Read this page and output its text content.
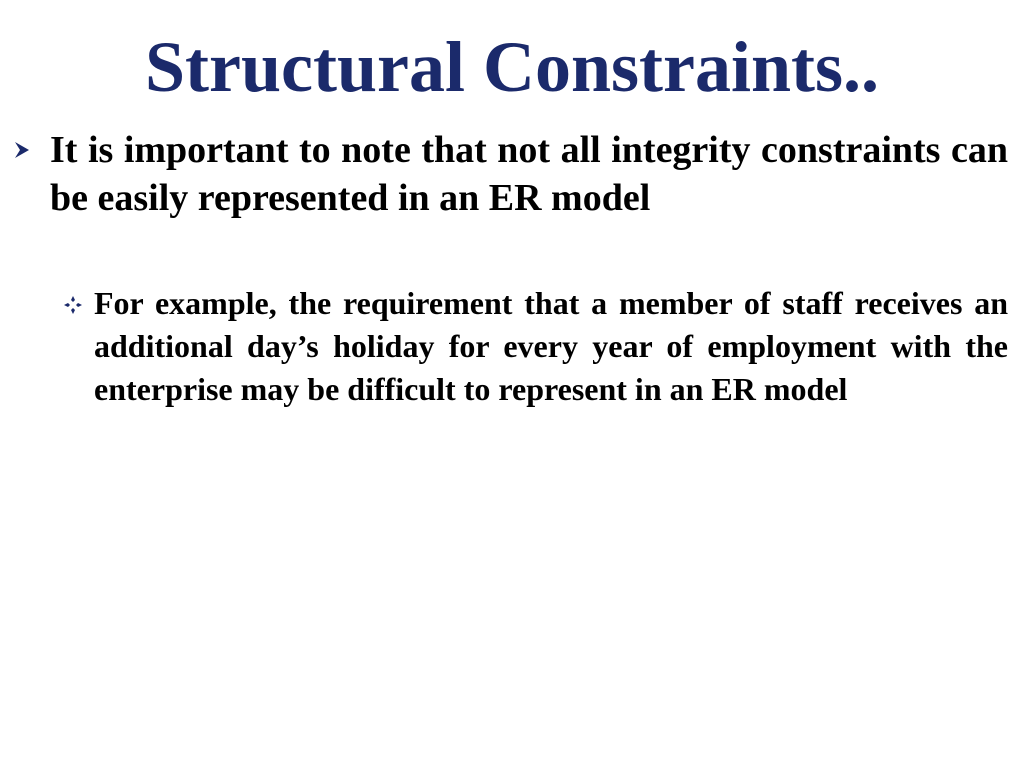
Structural Constraints..
It is important to note that not all integrity constraints can be easily represented in an ER model
For example, the requirement that a member of staff receives an additional day’s holiday for every year of employment with the enterprise may be difficult to represent in an ER model
